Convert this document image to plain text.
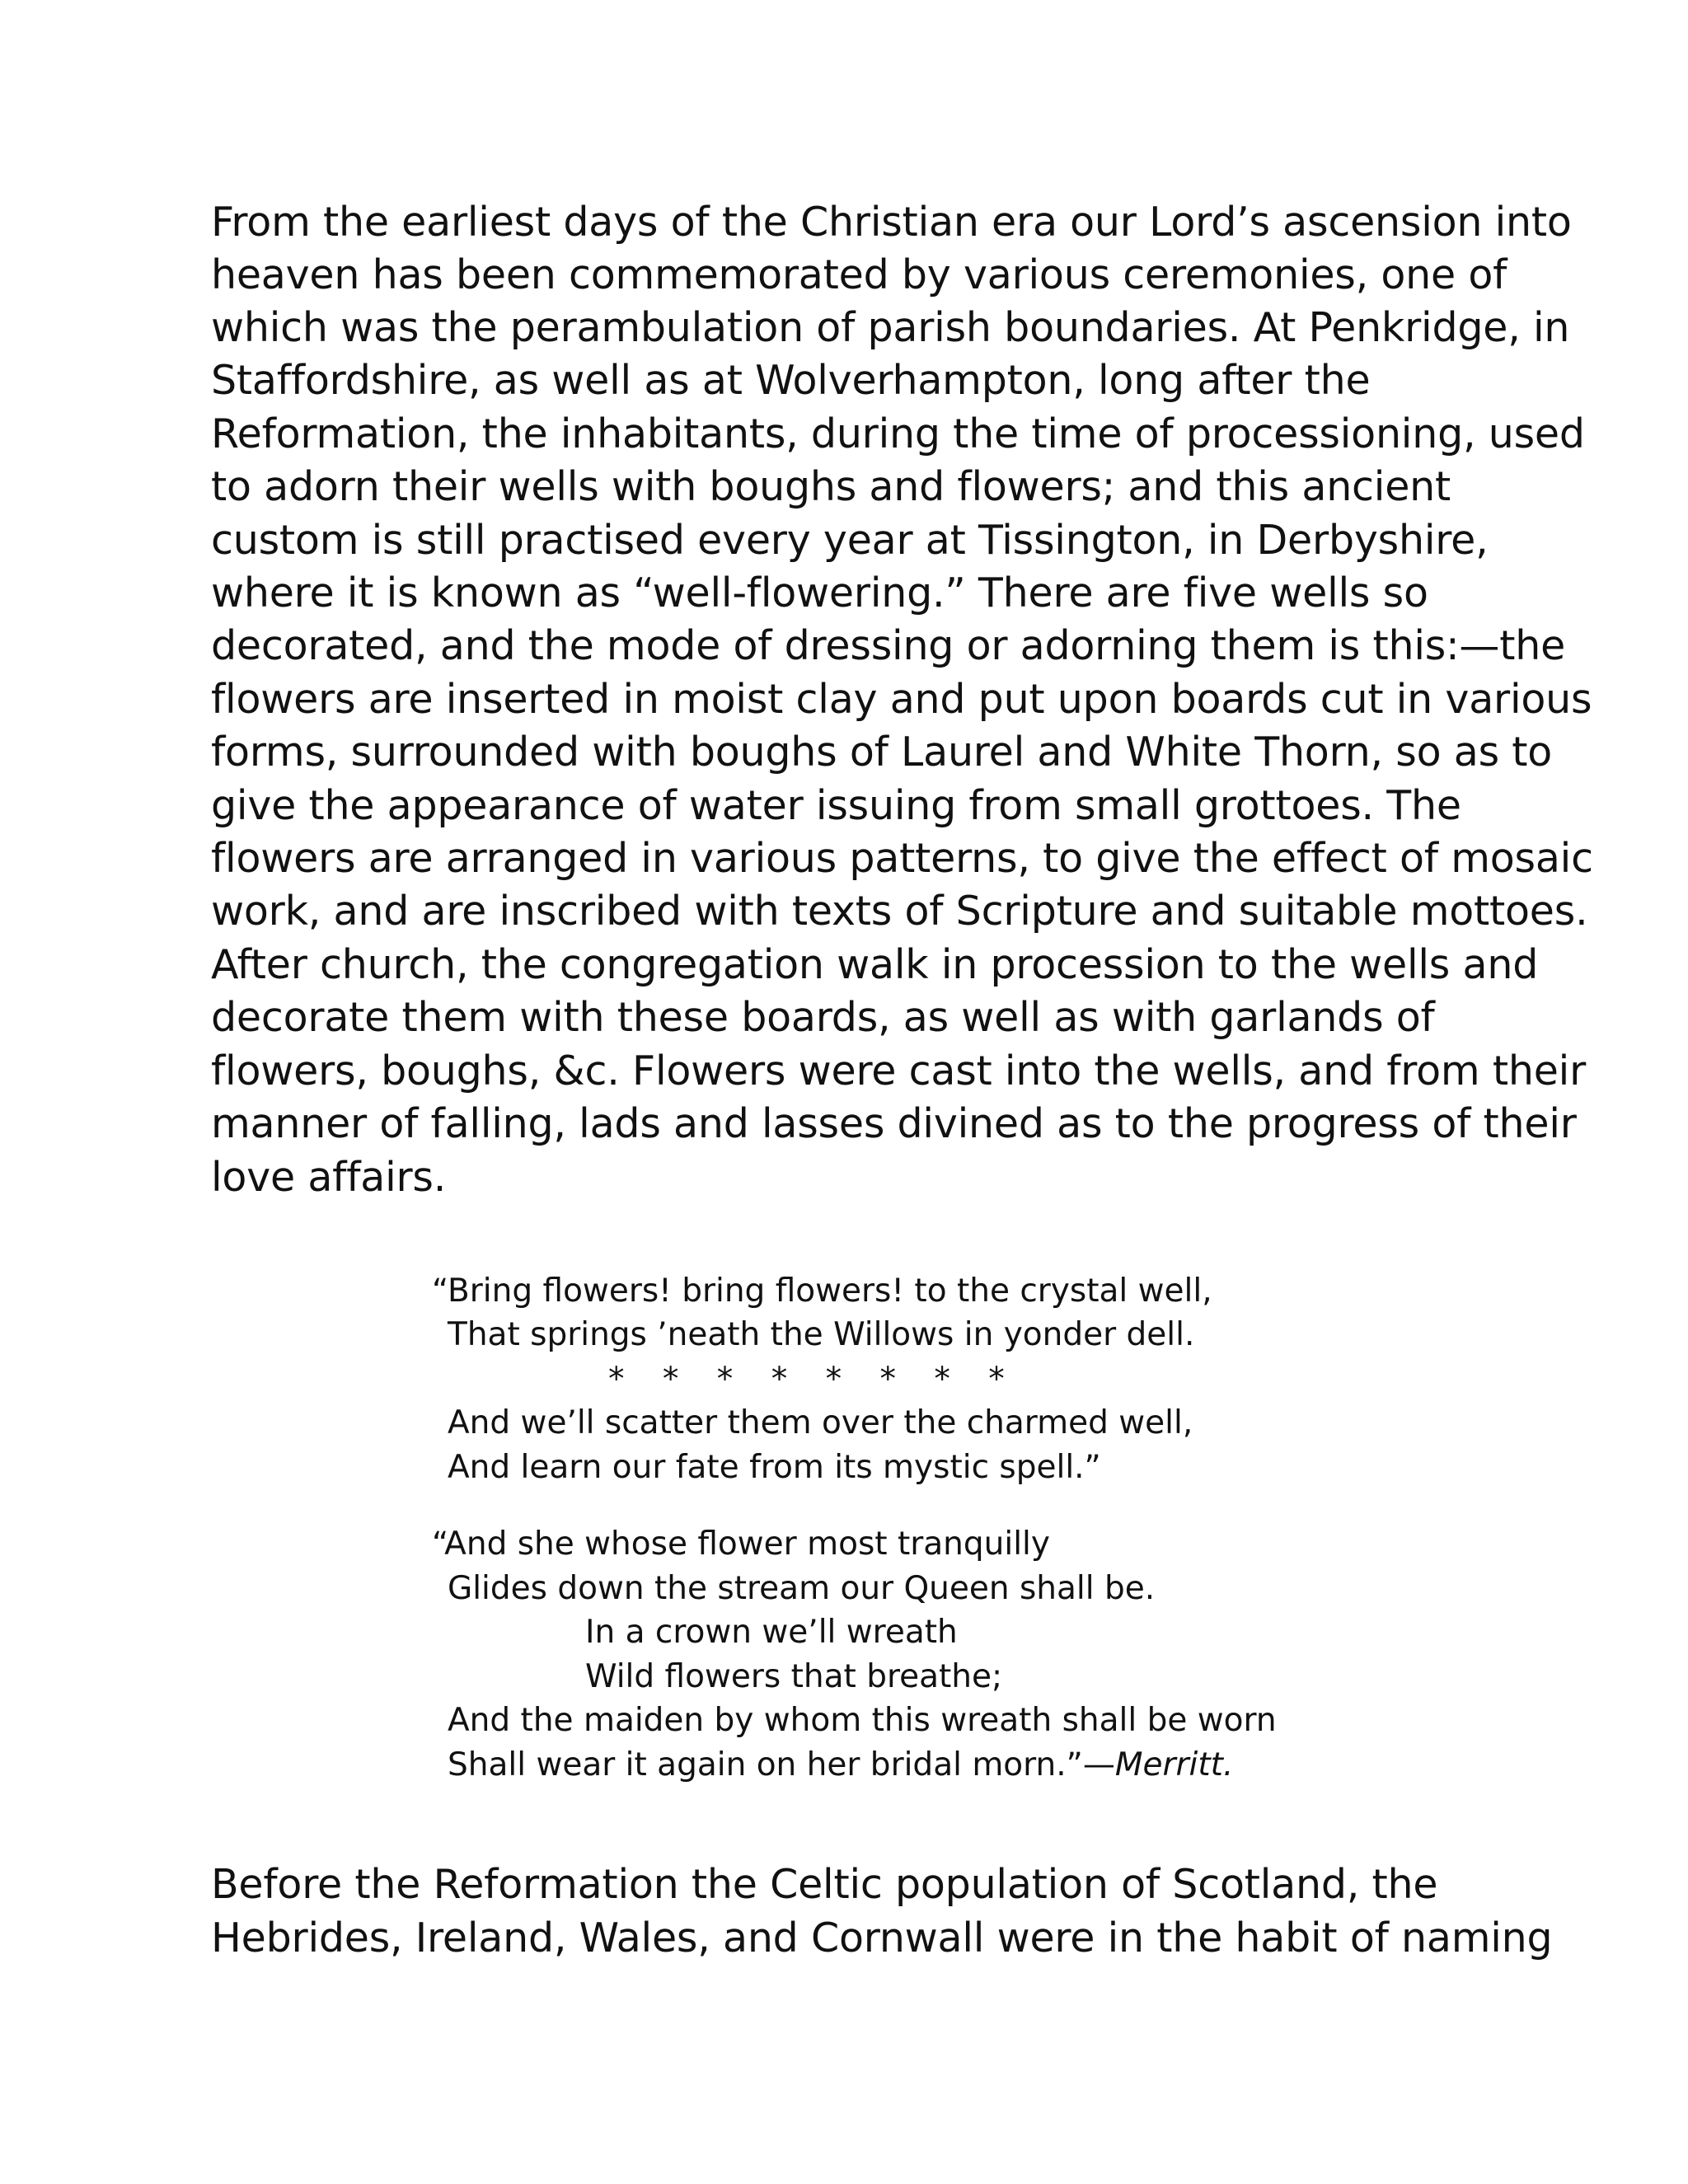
From the earliest days of the Christian era our Lord’s ascension into

heaven has been commemorated by various ceremonies, one of

which was the perambulation of parish boundaries. At Penkridge, in

Staffordshire, as well as at Wolverhampton, long after the

Reformation, the inhabitants, during the time of processioning, used

to adorn their wells with boughs and flowers; and this ancient

custom is still practised every year at Tissington, in Derbyshire,

where it is known as “well-flowering.” There are five wells so

decorated, and the mode of dressing or adorning them is this:—the

flowers are inserted in moist clay and put upon boards cut in various

forms, surrounded with boughs of Laurel and White Thorn, so as to

give the appearance of water issuing from small grottoes. The

flowers are arranged in various patterns, to give the effect of mosaic

work, and are inscribed with texts of Scripture and suitable mottoes.

After church, the congregation walk in procession to the wells and

decorate them with these boards, as well as with garlands of

flowers, boughs, &c. Flowers were cast into the wells, and from their

manner of falling, lads and lasses divined as to the progress of their

love affairs.

“Bring flowers! bring flowers! to the crystal well,

That springs ’neath the Willows in yonder dell.

* * * * * * * *

And we’ll scatter them over the charmed well,

And learn our fate from its mystic spell.”

“And she whose flower most tranquilly

Glides down the stream our Queen shall be.

In a crown we’ll wreath

Wild flowers that breathe;

And the maiden by whom this wreath shall be worn

Shall wear it again on her bridal morn.”—Merritt.

Before the Reformation the Celtic population of Scotland, the

Hebrides, Ireland, Wales, and Cornwall were in the habit of naming
